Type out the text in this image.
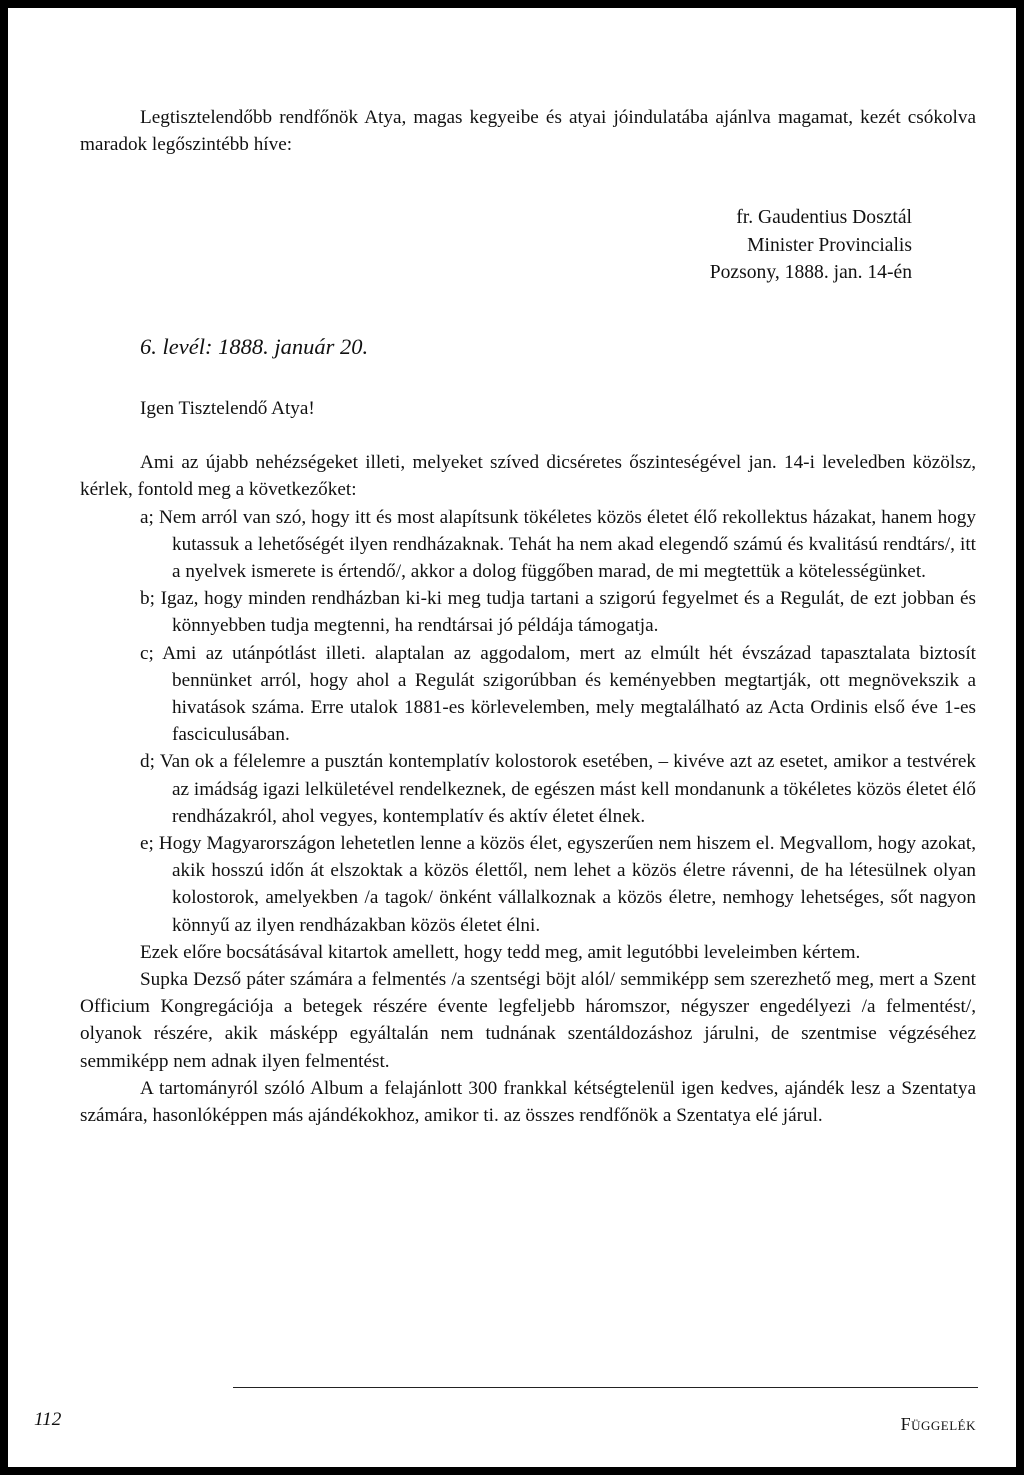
Legtisztelendőbb rendfőnök Atya, magas kegyeibe és atyai jóindulatába ajánlva magamat, kezét csókolva maradok legőszintébb híve:

fr. Gaudentius Dosztál
Minister Provincialis
Pozsony, 1888. jan. 14-én

6. levél: 1888. január 20.

Igen Tisztelendő Atya!

Ami az újabb nehézségeket illeti, melyeket szíved dicséretes őszinteségével jan. 14-i leveledben közölsz, kérlek, fontold meg a következőket:

a; Nem arról van szó, hogy itt és most alapítsunk tökéletes közös életet élő rekollektus házakat, hanem hogy kutassuk a lehetőségét ilyen rendházaknak. Tehát ha nem akad elegendő számú és kvalitású rendtárs/, itt a nyelvek ismerete is értendő/, akkor a dolog függőben marad, de mi megtettük a kötelességünket.

b; Igaz, hogy minden rendházban ki-ki meg tudja tartani a szigorú fegyelmet és a Regulát, de ezt jobban és könnyebben tudja megtenni, ha rendtársai jó példája támogatja.

c; Ami az utánpótlást illeti. alaptalan az aggodalom, mert az elmúlt hét évszázad tapasztalata biztosít bennünket arról, hogy ahol a Regulát szigorúbban és keményebben megtartják, ott megnövekszik a hivatások száma. Erre utalok 1881-es körlevelemben, mely megtalálható az Acta Ordinis első éve 1-es fasciculusában.

d; Van ok a félelemre a pusztán kontemplatív kolostorok esetében, – kivéve azt az esetet, amikor a testvérek az imádság igazi lelkületével rendelkeznek, de egészen mást kell mondanunk a tökéletes közös életet élő rendházakról, ahol vegyes, kontemplatív és aktív életet élnek.

e; Hogy Magyarországon lehetetlen lenne a közös élet, egyszerűen nem hiszem el. Megvallom, hogy azokat, akik hosszú időn át elszoktak a közös élettől, nem lehet a közös életre rávenni, de ha létesülnek olyan kolostorok, amelyekben /a tagok/ önként vállalkoznak a közös életre, nemhogy lehetséges, sőt nagyon könnyű az ilyen rendházakban közös életet élni.

Ezek előre bocsátásával kitartok amellett, hogy tedd meg, amit legutóbbi leveleimben kértem.

Supka Dezső páter számára a felmentés /a szentségi böjt alól/ semmiképp sem szerezhető meg, mert a Szent Officium Kongregációja a betegek részére évente legfeljebb háromszor, négyszer engedélyezi /a felmentést/, olyanok részére, akik másképp egyáltalán nem tudnának szentáldozáshoz járulni, de szentmise végzéséhez semmiképp nem adnak ilyen felmentést.

A tartományról szóló Album a felajánlott 300 frankkal kétségtelenül igen kedves, ajándék lesz a Szentatya számára, hasonlóképpen más ajándékokhoz, amikor ti. az összes rendfőnök a Szentatya elé járul.

112	Függelék
